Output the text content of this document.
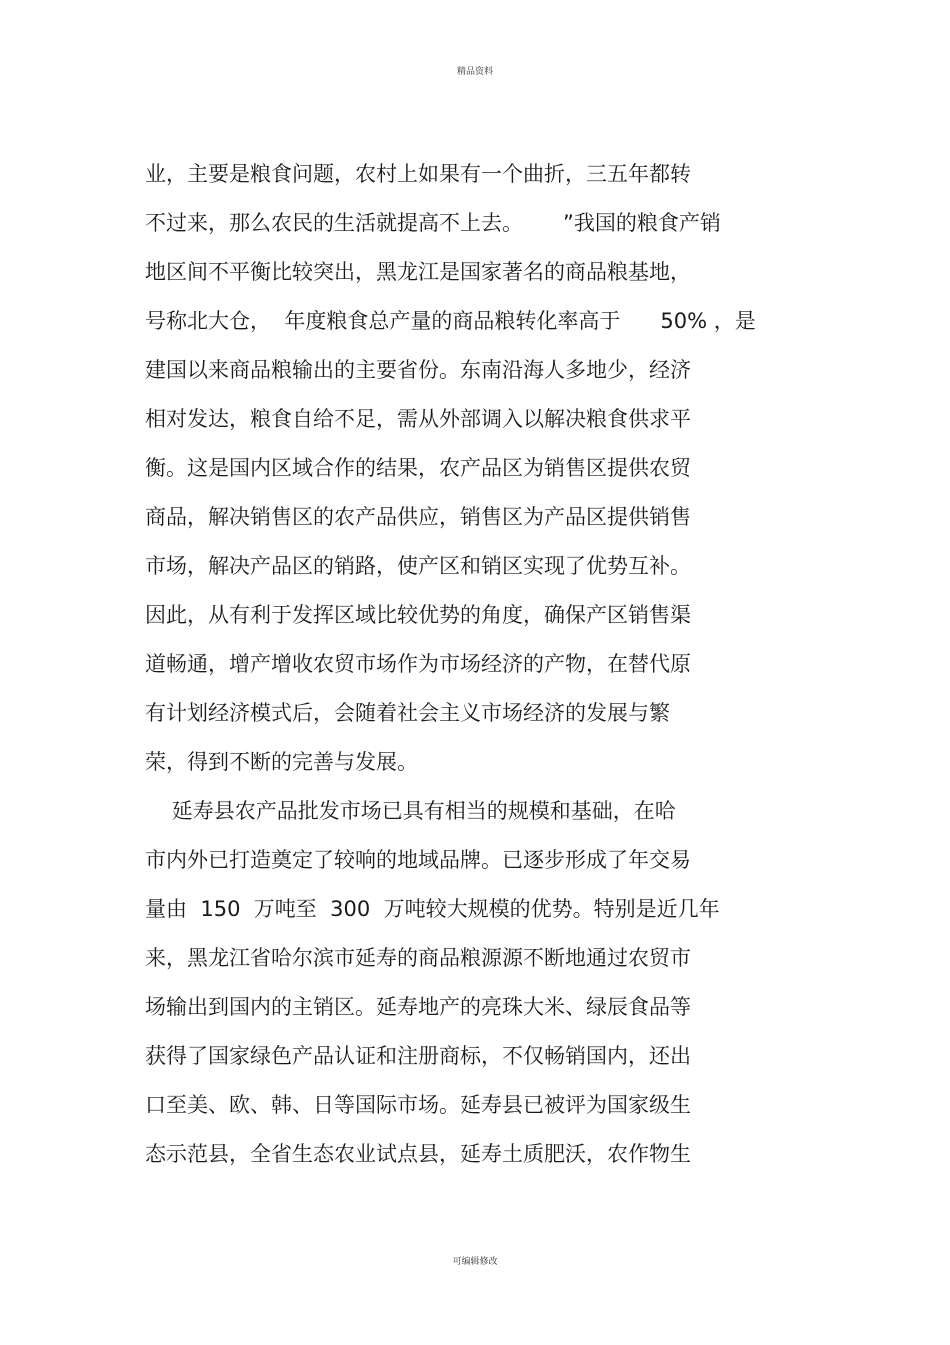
精品资料
业，主要是粮食问题，农村上如果有一个曲折，三五年都转
不过来，那么农民的生活就提高不上去。      ”我国的粮食产销
地区间不平衡比较突出，黑龙江是国家著名的商品粮基地，
号称北大仓，  年度粮食总产量的商品粮转化率高于      50% ，是
建国以来商品粮输出的主要省份。东南沿海人多地少，经济
相对发达，粮食自给不足，需从外部调入以解决粮食供求平
衡。这是国内区域合作的结果，农产品区为销售区提供农贸
商品，解决销售区的农产品供应，销售区为产品区提供销售
市场，解决产品区的销路，使产区和销区实现了优势互补。
因此，从有利于发挥区域比较优势的角度，确保产区销售渠
道畅通，增产增收农贸市场作为市场经济的产物，在替代原
有计划经济模式后，会随着社会主义市场经济的发展与繁
荣，得到不断的完善与发展。
延寿县农产品批发市场已具有相当的规模和基础，在哈
市内外已打造奠定了较响的地域品牌。已逐步形成了年交易
量由  150  万吨至  300  万吨较大规模的优势。特别是近几年
来，黑龙江省哈尔滨市延寿的商品粮源源不断地通过农贸市
场输出到国内的主销区。延寿地产的亮珠大米、绿辰食品等
获得了国家绿色产品认证和注册商标，不仅畅销国内，还出
口至美、欧、韩、日等国际市场。延寿县已被评为国家级生
态示范县，全省生态农业试点县，延寿土质肥沃，农作物生
可编辑修改
